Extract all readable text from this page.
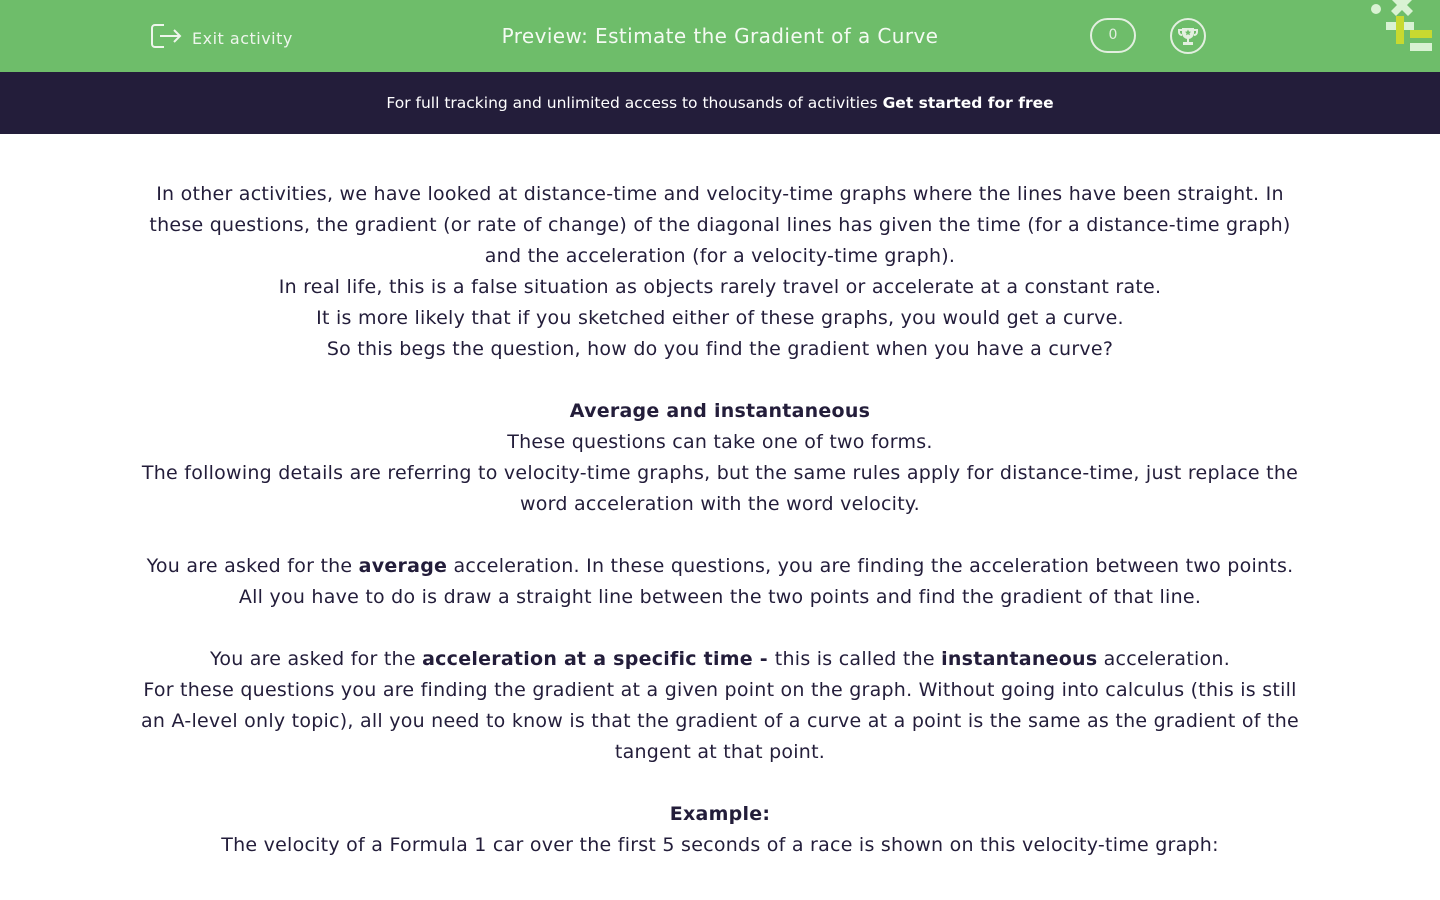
Exit activity	Preview: Estimate the Gradient of a Curve	0
For full tracking and unlimited access to thousands of activities Get started for free

In other activities, we have looked at distance-time and velocity-time graphs where the lines have been straight. In these questions, the gradient (or rate of change) of the diagonal lines has given the time (for a distance-time graph) and the acceleration (for a velocity-time graph).
In real life, this is a false situation as objects rarely travel or accelerate at a constant rate.
It is more likely that if you sketched either of these graphs, you would get a curve.
So this begs the question, how do you find the gradient when you have a curve?

Average and instantaneous
These questions can take one of two forms.
The following details are referring to velocity-time graphs, but the same rules apply for distance-time, just replace the word acceleration with the word velocity.

You are asked for the average acceleration. In these questions, you are finding the acceleration between two points. All you have to do is draw a straight line between the two points and find the gradient of that line.

You are asked for the acceleration at a specific time - this is called the instantaneous acceleration.
For these questions you are finding the gradient at a given point on the graph. Without going into calculus (this is still an A-level only topic), all you need to know is that the gradient of a curve at a point is the same as the gradient of the tangent at that point.

Example:
The velocity of a Formula 1 car over the first 5 seconds of a race is shown on this velocity-time graph:
